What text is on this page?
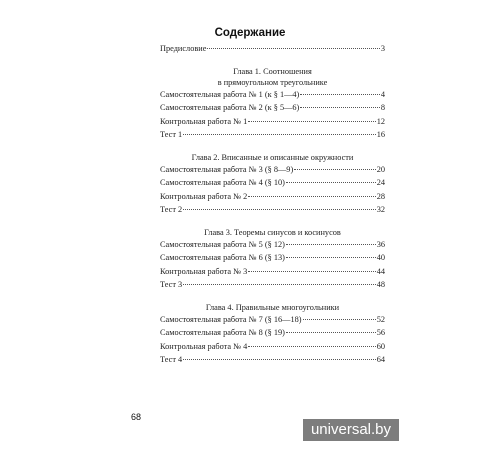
Содержание
Предисловие	3
Глава 1. Соотношения
в прямоугольном треугольнике
Самостоятельная работа № 1 (к § 1—4)	4
Самостоятельная работа № 2 (к § 5—6)	8
Контрольная работа № 1	12
Тест 1	16
Глава 2. Вписанные и описанные окружности
Самостоятельная работа № 3 (§ 8—9)	20
Самостоятельная работа № 4 (§ 10)	24
Контрольная работа № 2	28
Тест 2	32
Глава 3. Теоремы синусов и косинусов
Самостоятельная работа № 5 (§ 12)	36
Самостоятельная работа № 6 (§ 13)	40
Контрольная работа № 3	44
Тест 3	48
Глава 4. Правильные многоугольники
Самостоятельная работа № 7 (§ 16—18)	52
Самостоятельная работа № 8 (§ 19)	56
Контрольная работа № 4	60
Тест 4	64
68
universal.by
